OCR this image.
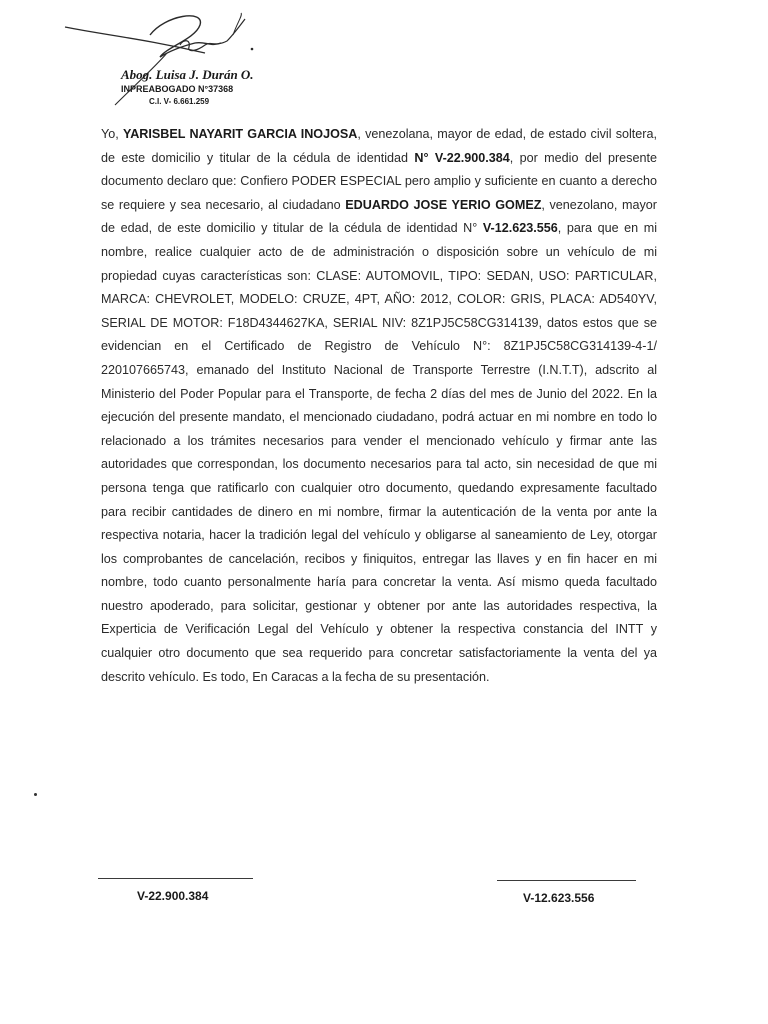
Abog. Luisa J. Durán O.
INPREABOGADO N°37368
C.I. V- 6.661.259
Yo, YARISBEL NAYARIT GARCIA INOJOSA, venezolana, mayor de edad, de estado civil soltera, de este domicilio y titular de la cédula de identidad N° V-22.900.384, por medio del presente documento declaro que: Confiero PODER ESPECIAL pero amplio y suficiente en cuanto a derecho se requiere y sea necesario, al ciudadano EDUARDO JOSE YERIO GOMEZ, venezolano, mayor de edad, de este domicilio y titular de la cédula de identidad N° V-12.623.556, para que en mi nombre, realice cualquier acto de de administración o disposición sobre un vehículo de mi propiedad cuyas características son: CLASE: AUTOMOVIL, TIPO: SEDAN, USO: PARTICULAR, MARCA: CHEVROLET, MODELO: CRUZE, 4PT, AÑO: 2012, COLOR: GRIS, PLACA: AD540YV, SERIAL DE MOTOR: F18D4344627KA, SERIAL NIV: 8Z1PJ5C58CG314139, datos estos que se evidencian en el Certificado de Registro de Vehículo N°: 8Z1PJ5C58CG314139-4-1/ 220107665743, emanado del Instituto Nacional de Transporte Terrestre (I.N.T.T), adscrito al Ministerio del Poder Popular para el Transporte, de fecha 2 días del mes de Junio del 2022. En la ejecución del presente mandato, el mencionado ciudadano, podrá actuar en mi nombre en todo lo relacionado a los trámites necesarios para vender el mencionado vehículo y firmar ante las autoridades que correspondan, los documento necesarios para tal acto, sin necesidad de que mi persona tenga que ratificarlo con cualquier otro documento, quedando expresamente facultado para recibir cantidades de dinero en mi nombre, firmar la autenticación de la venta por ante la respectiva notaria, hacer la tradición legal del vehículo y obligarse al saneamiento de Ley, otorgar los comprobantes de cancelación, recibos y finiquitos, entregar las llaves y en fin hacer en mi nombre, todo cuanto personalmente haría para concretar la venta. Así mismo queda facultado nuestro apoderado, para solicitar, gestionar y obtener por ante las autoridades respectiva, la Experticia de Verificación Legal del Vehículo y obtener la respectiva constancia del INTT y cualquier otro documento que sea requerido para concretar satisfactoriamente la venta del ya descrito vehículo. Es todo, En Caracas a la fecha de su presentación.
V-22.900.384	V-12.623.556
